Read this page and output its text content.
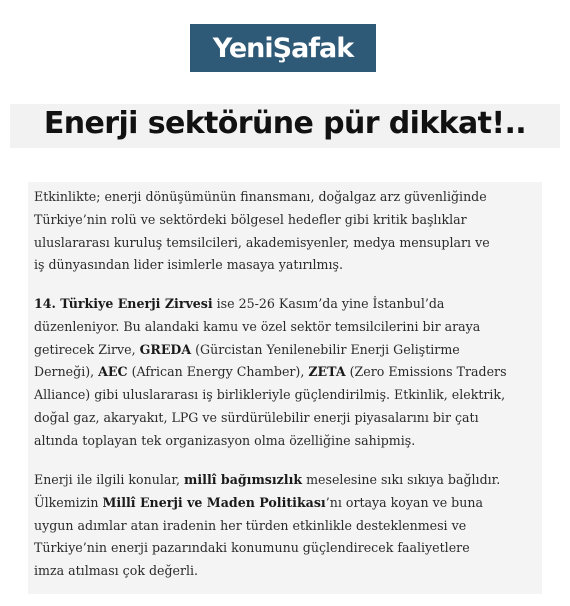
YeniŞafak
Enerji sektörüne pür dikkat!..

Etkinlikte; enerji dönüşümünün finansmanı, doğalgaz arz güvenliğinde
Türkiye’nin rolü ve sektördeki bölgesel hedefler gibi kritik başlıklar
uluslararası kuruluş temsilcileri, akademisyenler, medya mensupları ve
iş dünyasından lider isimlerle masaya yatırılmış.

14. Türkiye Enerji Zirvesi ise 25-26 Kasım’da yine İstanbul’da
düzenleniyor. Bu alandaki kamu ve özel sektör temsilcilerini bir araya
getirecek Zirve, GREDA (Gürcistan Yenilenebilir Enerji Geliştirme
Derneği), AEC (African Energy Chamber), ZETA (Zero Emissions Traders
Alliance) gibi uluslararası iş birlikleriyle güçlendirilmiş. Etkinlik, elektrik,
doğal gaz, akaryakıt, LPG ve sürdürülebilir enerji piyasalarını bir çatı
altında toplayan tek organizasyon olma özelliğine sahipmiş.

Enerji ile ilgili konular, millî bağımsızlık meselesine sıkı sıkıya bağlıdır.
Ülkemizin Millî Enerji ve Maden Politikası’nı ortaya koyan ve buna
uygun adımlar atan iradenin her türden etkinlikle desteklenmesi ve
Türkiye’nin enerji pazarındaki konumunu güçlendirecek faaliyetlere
imza atılması çok değerli.
